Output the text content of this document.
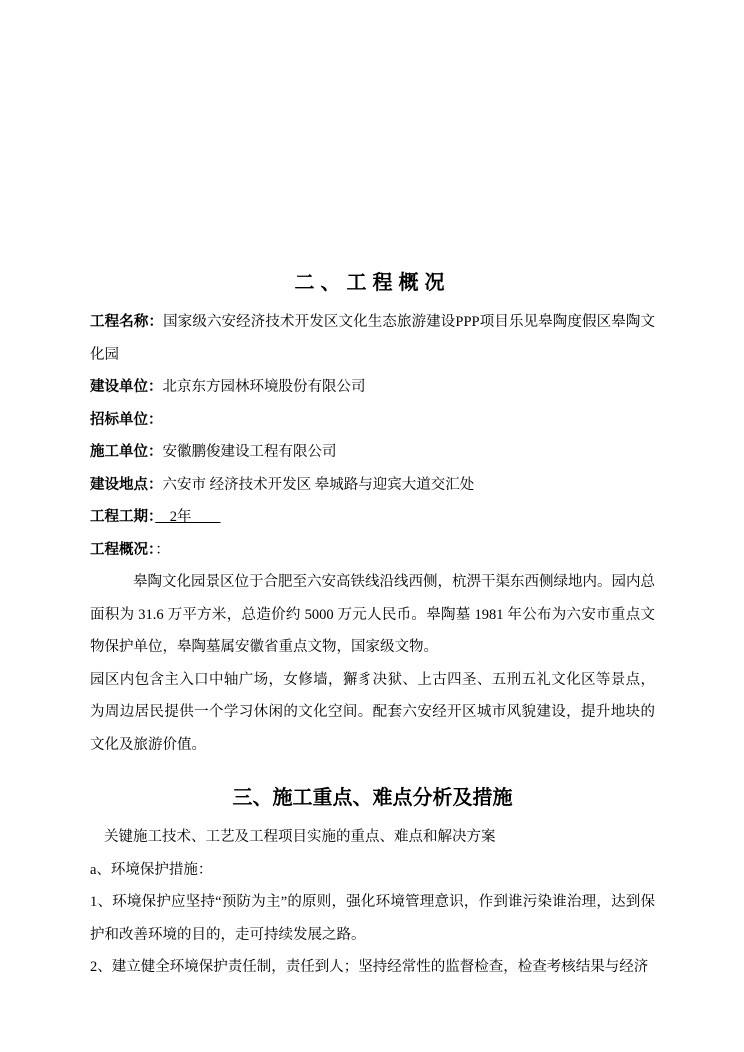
二、工程概况

工程名称：国家级六安经济技术开发区文化生态旅游建设PPP项目乐见皋陶度假区皋陶文化园

建设单位：北京东方园林环境股份有限公司

招标单位：

施工单位：安徽鹏俊建设工程有限公司

建设地点：六安市 经济技术开发区 皋城路与迎宾大道交汇处

工程工期：　2年　　

工程概况：：

皋陶文化园景区位于合肥至六安高铁线沿线西侧，杭淠干渠东西侧绿地内。园内总面积为 31.6 万平方米，总造价约 5000 万元人民币。皋陶墓 1981 年公布为六安市重点文物保护单位，皋陶墓属安徽省重点文物，国家级文物。

园区内包含主入口中轴广场，女修墙，獬豸决狱、上古四圣、五刑五礼文化区等景点，为周边居民提供一个学习休闲的文化空间。配套六安经开区城市风貌建设，提升地块的文化及旅游价值。

三、施工重点、难点分析及措施

关键施工技术、工艺及工程项目实施的重点、难点和解决方案

a、环境保护措施：

1、环境保护应坚持“预防为主”的原则，强化环境管理意识，作到谁污染谁治理，达到保护和改善环境的目的，走可持续发展之路。

2、建立健全环境保护责任制，责任到人；坚持经常性的监督检查，检查考核结果与经济
